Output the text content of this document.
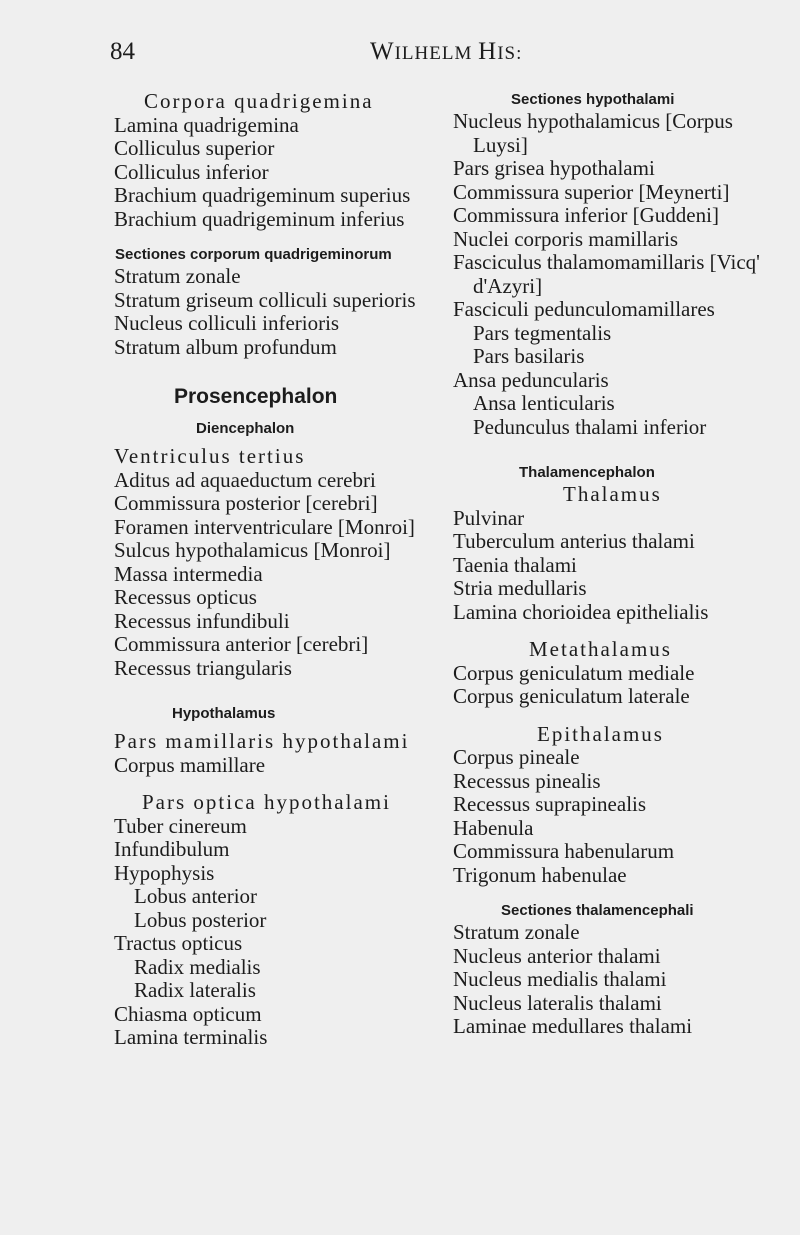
84	WILHELM HIS:
Corpora quadrigemina
Lamina quadrigemina
Colliculus superior
Colliculus inferior
Brachium quadrigeminum superius
Brachium quadrigeminum inferius
Sectiones corporum quadrigeminorum
Stratum zonale
Stratum griseum colliculi superioris
Nucleus colliculi inferioris
Stratum album profundum
Prosencephalon
Diencephalon
Ventriculus tertius
Aditus ad aquaeductum cerebri
Commissura posterior [cerebri]
Foramen interventriculare [Monroi]
Sulcus hypothalamicus [Monroi]
Massa intermedia
Recessus opticus
Recessus infundibuli
Commissura anterior [cerebri]
Recessus triangularis
Hypothalamus
Pars mamillaris hypothalami
Corpus mamillare
Pars optica hypothalami
Tuber cinereum
Infundibulum
Hypophysis
Lobus anterior
Lobus posterior
Tractus opticus
Radix medialis
Radix lateralis
Chiasma opticum
Lamina terminalis
Sectiones hypothalami
Nucleus hypothalamicus [Corpus
Luysi]
Pars grisea hypothalami
Commissura superior [Meynerti]
Commissura inferior [Guddeni]
Nuclei corporis mamillaris
Fasciculus thalamomamillaris [Vicq'
d'Azyri]
Fasciculi pedunculomamillares
Pars tegmentalis
Pars basilaris
Ansa peduncularis
Ansa lenticularis
Pedunculus thalami inferior
Thalamencephalon
Thalamus
Pulvinar
Tuberculum anterius thalami
Taenia thalami
Stria medullaris
Lamina chorioidea epithelialis
Metathalamus
Corpus geniculatum mediale
Corpus geniculatum laterale
Epithalamus
Corpus pineale
Recessus pinealis
Recessus suprapinealis
Habenula
Commissura habenularum
Trigonum habenulae
Sectiones thalamencephali
Stratum zonale
Nucleus anterior thalami
Nucleus medialis thalami
Nucleus lateralis thalami
Laminae medullares thalami
